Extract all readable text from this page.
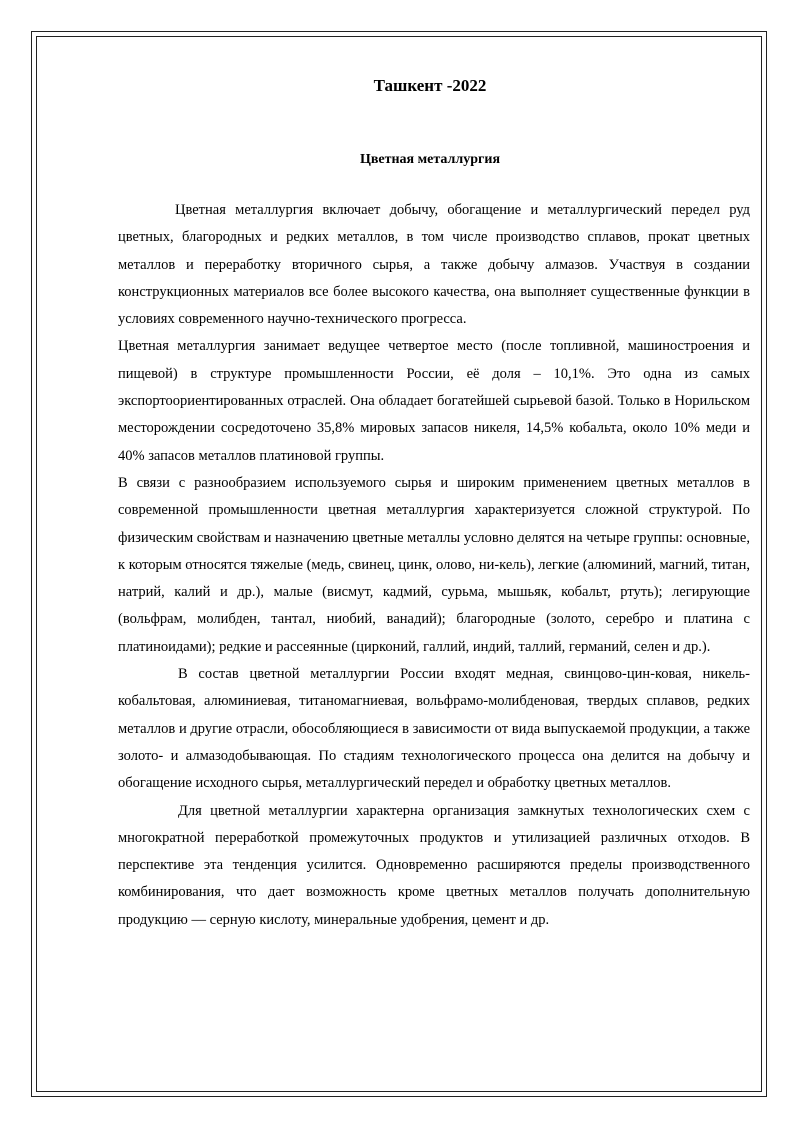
Ташкент -2022
Цветная металлургия

Цветная металлургия включает добычу, обогащение и металлургический передел руд цветных, благородных и редких металлов, в том числе производство сплавов, прокат цветных металлов и переработку вторичного сырья, а также добычу алмазов. Участвуя в создании конструкционных материалов все более высокого качества, она выполняет существенные функции в условиях современного научно-технического прогресса.

Цветная металлургия занимает ведущее четвертое место (после топливной, машиностроения и пищевой) в структуре промышленности России, её доля – 10,1%. Это одна из самых экспортоориентированных отраслей. Она обладает богатейшей сырьевой базой. Только в Норильском месторождении сосредоточено 35,8% мировых запасов никеля, 14,5% кобальта, около 10% меди и 40% запасов металлов платиновой группы.

В связи с разнообразием используемого сырья и широким применением цветных металлов в современной промышленности цветная металлургия характеризуется сложной структурой. По физическим свойствам и назначению цветные металлы условно делятся на четыре группы: основные, к которым относятся тяжелые (медь, свинец, цинк, олово, ни-кель), легкие (алюминий, магний, титан, натрий, калий и др.), малые (висмут, кадмий, сурьма, мышьяк, кобальт, ртуть); легирующие (вольфрам, молибден, тантал, ниобий, ванадий); благородные (золото, серебро и платина с платиноидами); редкие и рассеянные (цирконий, галлий, индий, таллий, германий, селен и др.).

В состав цветной металлургии России входят медная, свинцово-цин-ковая, никель-кобальтовая, алюминиевая, титаномагниевая, вольфрамо-молибденовая, твердых сплавов, редких металлов и другие отрасли, обособляющиеся в зависимости от вида выпускаемой продукции, а также золото- и алмазодобывающая. По стадиям технологического процесса она делится на добычу и обогащение исходного сырья, металлургический передел и обработку цветных металлов.

Для цветной металлургии характерна организация замкнутых технологических схем с многократной переработкой промежуточных продуктов и утилизацией различных отходов. В перспективе эта тенденция усилится. Одновременно расширяются пределы производственного комбинирования, что дает возможность кроме цветных металлов получать дополнительную продукцию — серную кислоту, минеральные удобрения, цемент и др.
